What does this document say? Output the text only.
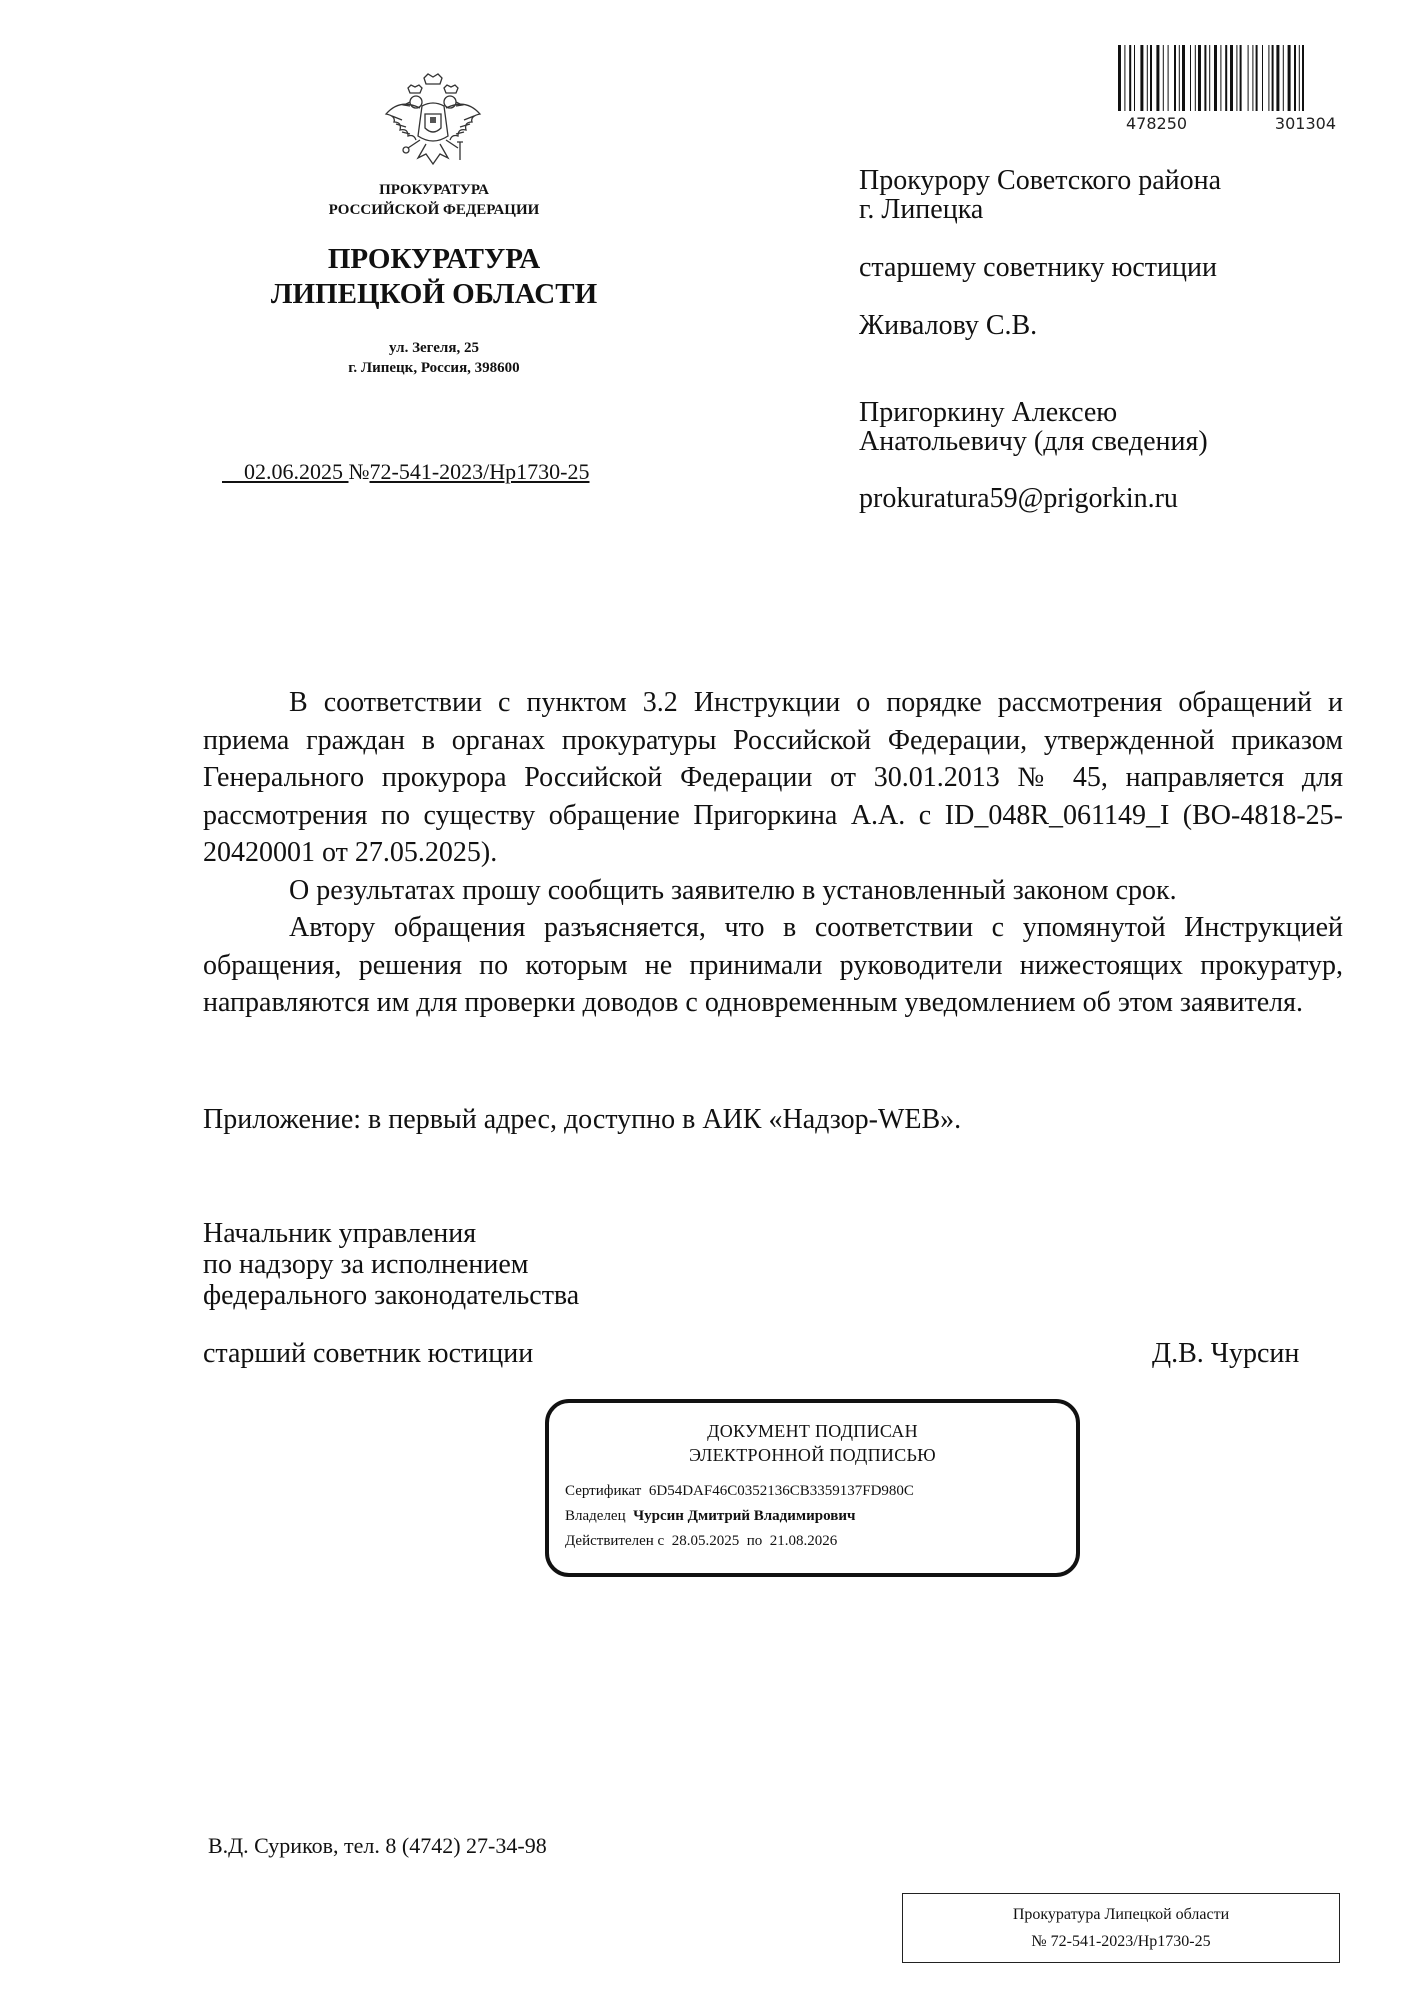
478250	301304
ПРОКУРАТУРА
РОССИЙСКОЙ ФЕДЕРАЦИИ
ПРОКУРАТУРА
ЛИПЕЦКОЙ ОБЛАСТИ
ул. Зегеля, 25
г. Липецк, Россия, 398600
02.06.2025 №72-541-2023/Нр1730-25
Прокурору Советского района
г. Липецка
старшему советнику юстиции
Живалову С.В.
Пригоркину Алексею
Анатольевичу (для сведения)
prokuratura59@prigorkin.ru

В соответствии с пунктом 3.2 Инструкции о порядке рассмотрения обращений и приема граждан в органах прокуратуры Российской Федерации, утвержденной приказом Генерального прокурора Российской Федерации от 30.01.2013 № 45, направляется для рассмотрения по существу обращение Пригоркина А.А. с ID_048R_061149_I (ВО-4818-25-20420001 от 27.05.2025).

О результатах прошу сообщить заявителю в установленный законом срок.

Автору обращения разъясняется, что в соответствии с упомянутой Инструкцией обращения, решения по которым не принимали руководители нижестоящих прокуратур, направляются им для проверки доводов с одновременным уведомлением об этом заявителя.

Приложение: в первый адрес, доступно в АИК «Надзор-WEB».
Начальник управления
по надзору за исполнением
федерального законодательства
старший советник юстиции	Д.В. Чурсин
ДОКУМЕНТ ПОДПИСАН
ЭЛЕКТРОННОЙ ПОДПИСЬЮ
Сертификат 6D54DAF46C0352136CB3359137FD980C
Владелец Чурсин Дмитрий Владимирович
Действителен с 28.05.2025 по 21.08.2026
В.Д. Суриков, тел. 8 (4742) 27-34-98
Прокуратура Липецкой области
№ 72-541-2023/Нр1730-25
